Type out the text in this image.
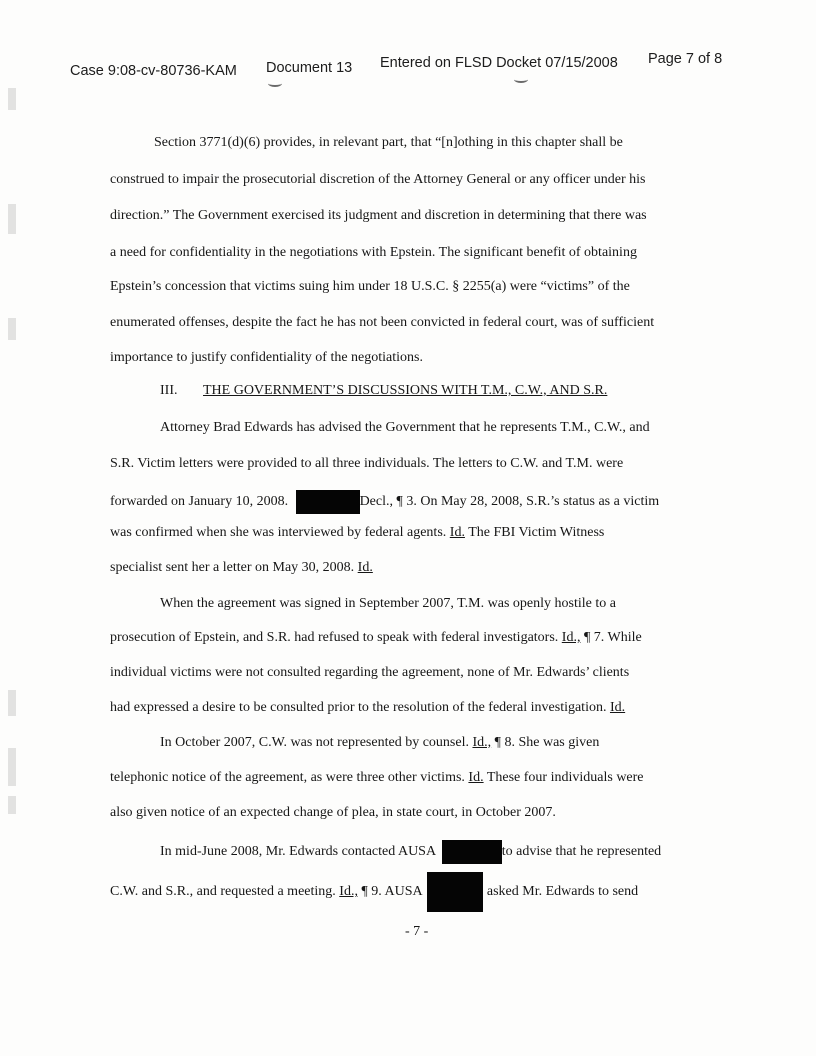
Case 9:08-cv-80736-KAM Document 13 Entered on FLSD Docket 07/15/2008 Page 7 of 8
Section 3771(d)(6) provides, in relevant part, that “[n]othing in this chapter shall be
construed to impair the prosecutorial discretion of the Attorney General or any officer under his
direction.” The Government exercised its judgment and discretion in determining that there was
a need for confidentiality in the negotiations with Epstein. The significant benefit of obtaining
Epstein’s concession that victims suing him under 18 U.S.C. § 2255(a) were “victims” of the
enumerated offenses, despite the fact he has not been convicted in federal court, was of sufficient
importance to justify confidentiality of the negotiations.
III. THE GOVERNMENT’S DISCUSSIONS WITH T.M., C.W., AND S.R.
Attorney Brad Edwards has advised the Government that he represents T.M., C.W., and
S.R. Victim letters were provided to all three individuals. The letters to C.W. and T.M. were
forwarded on January 10, 2008.	Decl., ¶ 3. On May 28, 2008, S.R.’s status as a victim
was confirmed when she was interviewed by federal agents. Id. The FBI Victim Witness
specialist sent her a letter on May 30, 2008. Id.
When the agreement was signed in September 2007, T.M. was openly hostile to a
prosecution of Epstein, and S.R. had refused to speak with federal investigators. Id., ¶ 7. While
individual victims were not consulted regarding the agreement, none of Mr. Edwards’ clients
had expressed a desire to be consulted prior to the resolution of the federal investigation. Id.
In October 2007, C.W. was not represented by counsel. Id., ¶ 8. She was given
telephonic notice of the agreement, as were three other victims. Id. These four individuals were
also given notice of an expected change of plea, in state court, in October 2007.
In mid-June 2008, Mr. Edwards contacted AUSA	to advise that he represented
C.W. and S.R., and requested a meeting. Id., ¶ 9. AUSA	asked Mr. Edwards to send
- 7 -
